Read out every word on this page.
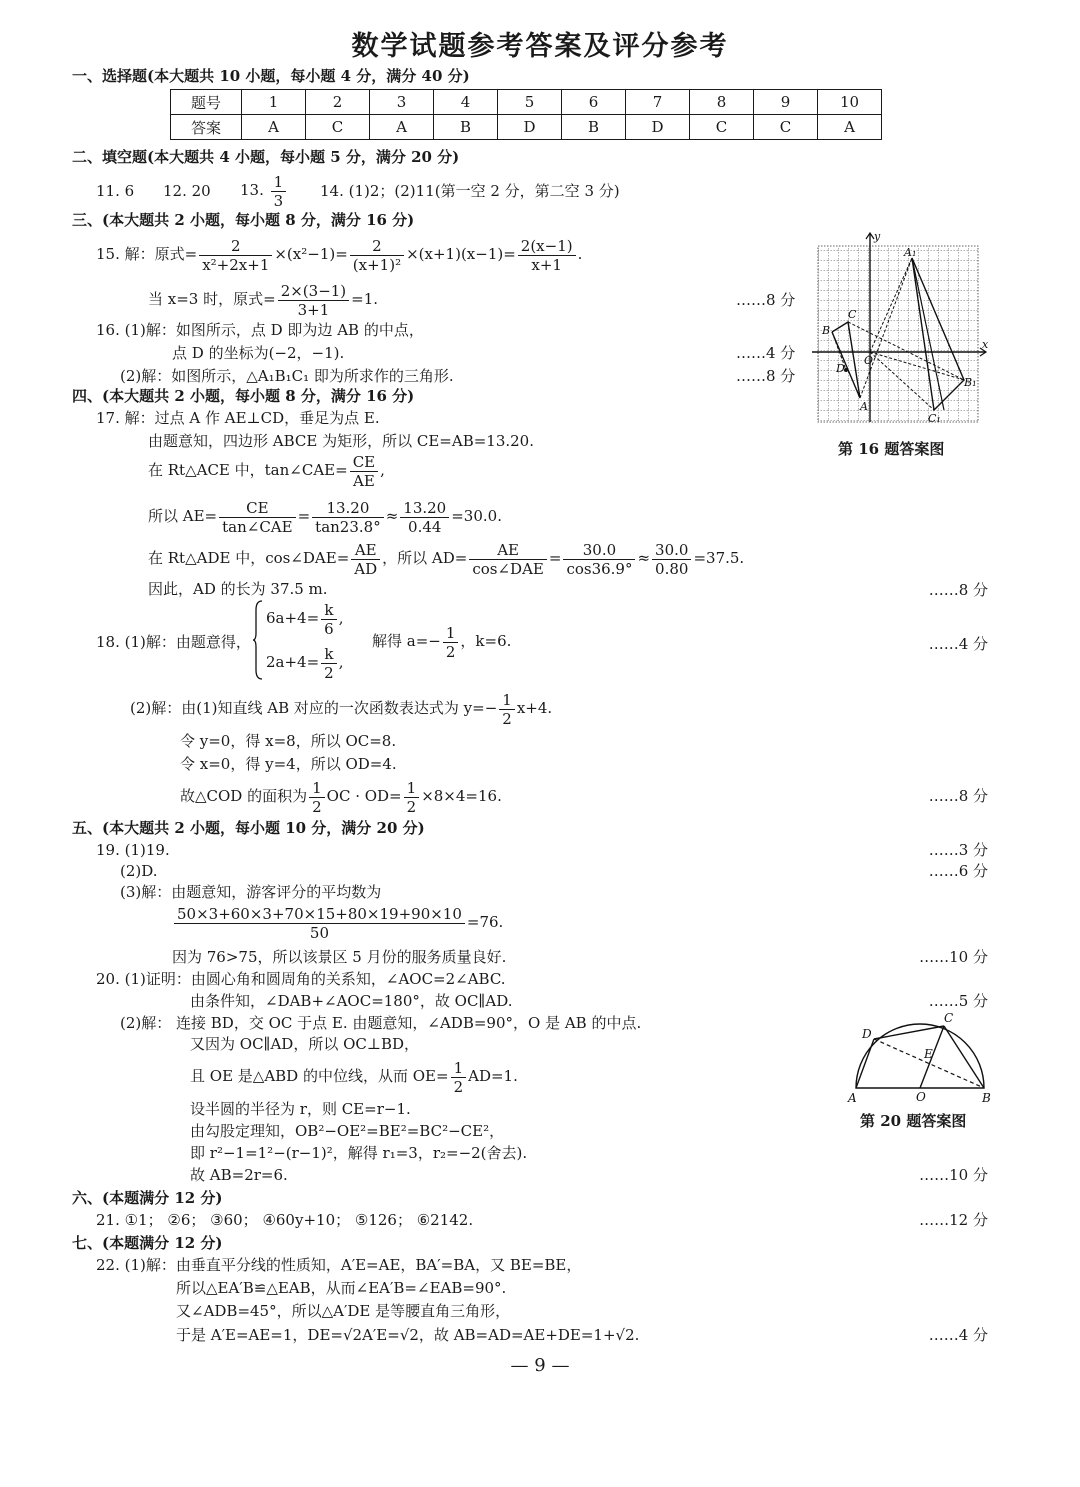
数学试题参考答案及评分参考
一、选择题(本大题共 10 小题，每小题 4 分，满分 40 分)
题号	1	2	3	4	5	6	7	8	9	10
答案	A	C	A	B	D	B	D	C	C	A
二、填空题(本大题共 4 小题，每小题 5 分，满分 20 分)
11. 6 12. 20 13. $\frac{1}{3} 14$. (1)2；(2)11(第一空 2 分，第二空 3 分)
三、(本大题共 2 小题，每小题 8 分，满分 16 分)
15. 解：原式= $\frac{2}{\text{x²+2x+1}} \times(x^2-1)= \frac{2}{\text{(x+1)²}} \times(x+1)(x-1)= \frac{2(x-1)}{x+1}$ .
当 x=3 时，原式= $\frac{2\times(3-1)}{3+1} =1$.	……8 分
16. (1)解：如图所示，点 D 即为边 AB 的中点，
点 D 的坐标为(−2，−1).	……4 分
(2)解：如图所示，△A₁B₁C₁ 即为所求作的三角形.	……8 分
y
x
A₁
B
C
D
O
A
B₁
C₁
第 16 题答案图
四、(本大题共 2 小题，每小题 8 分，满分 16 分)
17. 解：过点 A 作 AE⊥CD，垂足为点 E.
由题意知，四边形 ABCE 为矩形，所以 CE=AB=13.20.
在 Rt△ACE 中，tan∠CAE= $\frac{CE}{AE}$ ,
所以 $AE= \frac{CE}{\text{tan∠CAE}} = \frac{13.20}{\tan 23.8^\circ} \approx \frac{13.20}{0.44} =30.0$.
在 Rt△ADE 中，cos∠DAE= $\frac{AE}{AD}$ ，所以 $AD= \frac{AE}{\text{cos∠DAE}} = \frac{30.0}{\cos 36.9^\circ} \approx \frac{30.0}{0.80} =37.5$.
因此，AD 的长为 37.5 m.	……8 分
18. (1)解：由题意得，
$6a+4= \frac{k}{6}$ ,
$2a+4= \frac{k}{2}$ ,
解得 $a=- \frac{1}{2}$ ，k=6.	……4 分
(2)解：由(1)知直线 AB 对应的一次函数表达式为 $y=- \frac{1}{2} x+4$.
令 y=0，得 x=8，所以 OC=8.
令 x=0，得 y=4，所以 OD=4.
故△COD 的面积为 $\frac{1}{2}$ OC · $OD= \frac{1}{2} \times 8\times 4=16$.	……8 分
五、(本大题共 2 小题，每小题 10 分，满分 20 分)
19. (1)19.	……3 分
(2)D.	……6 分
(3)解：由题意知，游客评分的平均数为
$\frac{50\times 3+60\times 3+70\times 15+80\times 19+90\times 10}{50} =76$.
因为 76>75，所以该景区 5 月份的服务质量良好.	……10 分
20. (1)证明：由圆心角和圆周角的关系知，∠AOC=2∠ABC.
由条件知，∠DAB+∠AOC=180°，故 OC∥AD.	……5 分
(2)解： 连接 BD，交 OC 于点 E. 由题意知，∠ADB=90°，O 是 AB 的中点.
又因为 OC∥AD，所以 OC⊥BD，
且 OE 是△ABD 的中位线，从而 $OE= \frac{1}{2} AD=1$.
设半圆的半径为 r，则 CE=r−1.
由勾股定理知，OB²−OE²=BE²=BC²−CE²，
即 r²−1=1²−(r−1)²，解得 r₁=3，r₂=−2(舍去).
故 AB=2r=6.	……10 分
A	B
C
D
E
O
第 20 题答案图
六、(本题满分 12 分)
21. ①1； ②6； ③60； ④60y+10； ⑤126； ⑥2142.	……12 分
七、(本题满分 12 分)
22. (1)解：由垂直平分线的性质知，A′E=AE，BA′=BA，又 BE=BE，
所以△EA′B≌△EAB，从而∠EA′B=∠EAB=90°.
又∠ADB=45°，所以△A′DE 是等腰直角三角形，
于是 A′E=AE=1，DE=√2A′E=√2，故 AB=AD=AE+DE=1+√2.	……4 分
— 9 —
